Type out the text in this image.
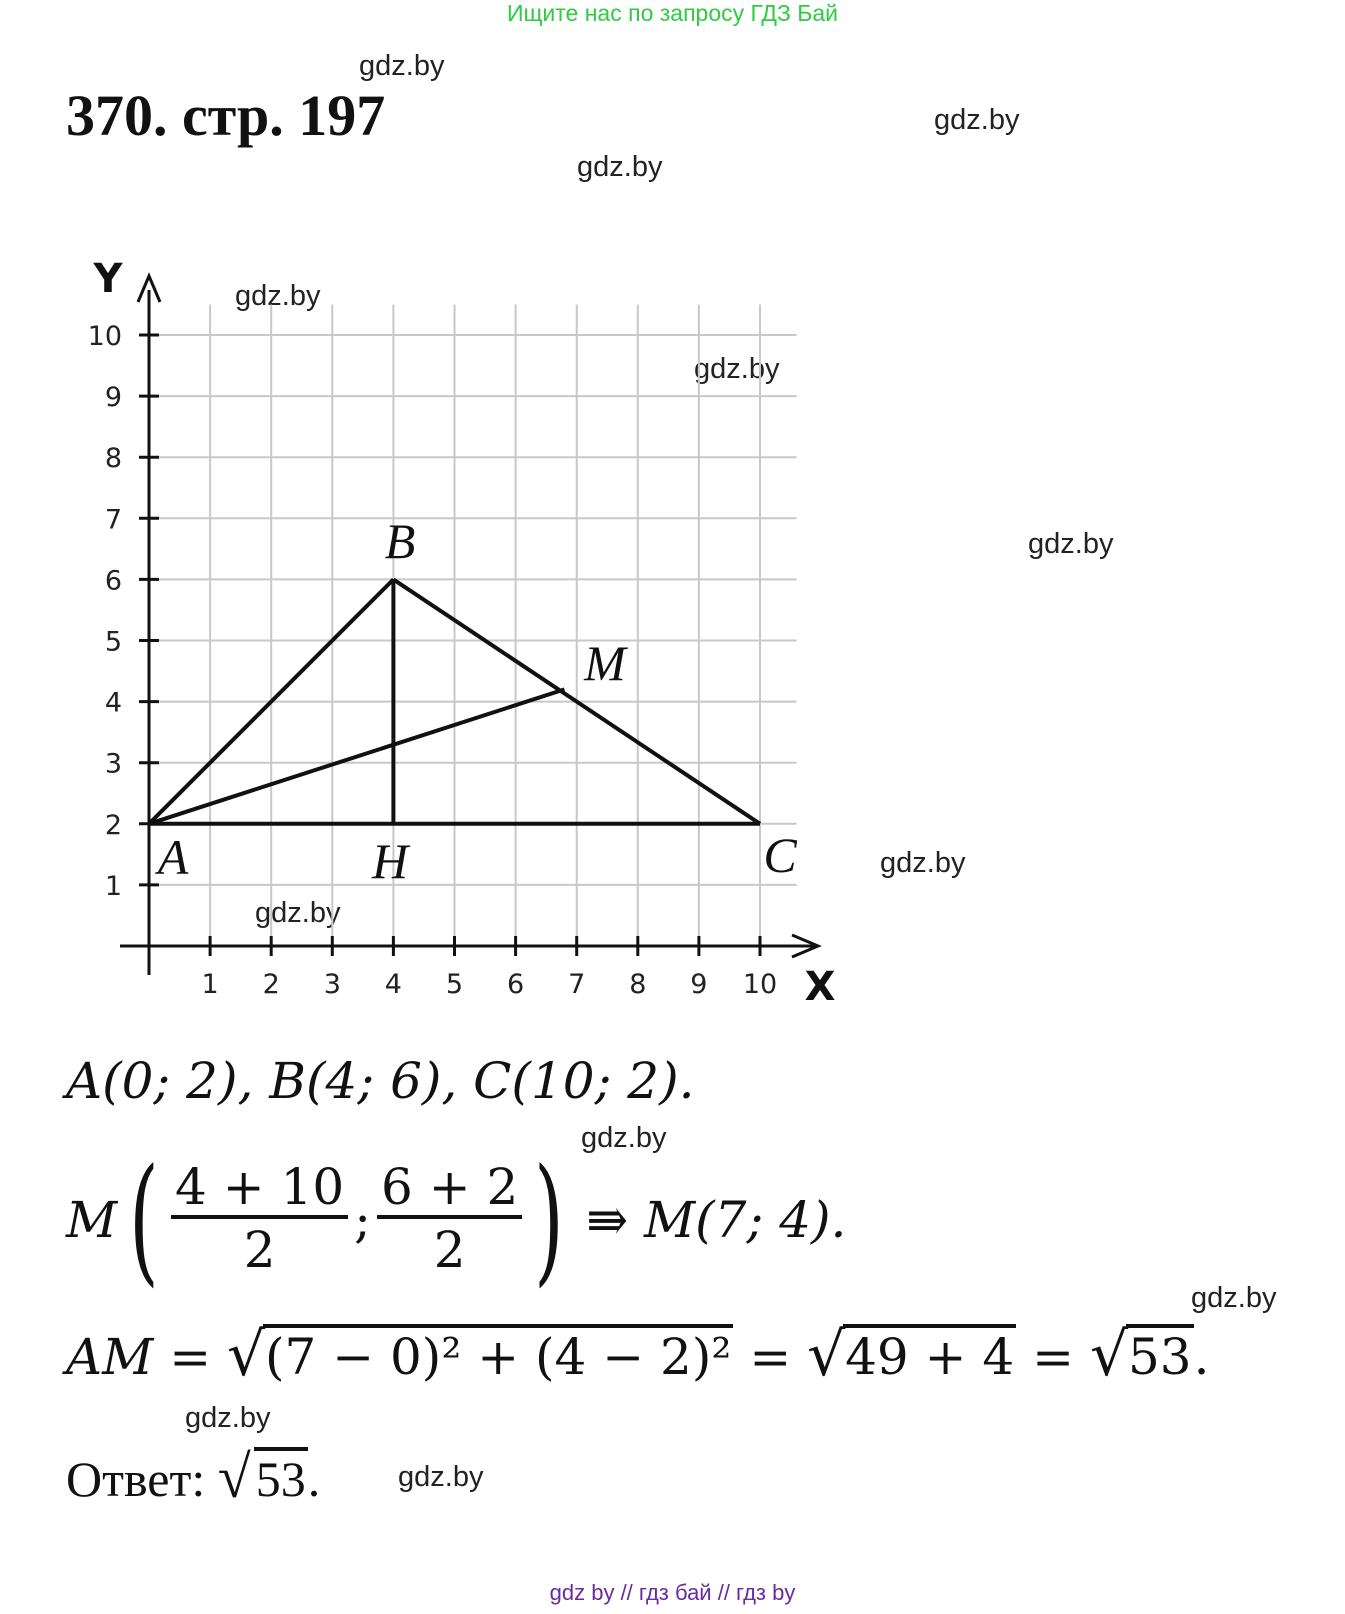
Ищите нас по запросу ГДЗ Бай
370. стр. 197
gdz.by
gdz.by
gdz.by
gdz.by
gdz.by
gdz.by
gdz.by
gdz.by
gdz.by
gdz.by
gdz.by
gdz.by
1
1
2
2
3
3
4
4
5
5
6
6
7
7
8
8
9
9
10
10
Y
X
B
M
A	H	C
A(0; 2), B(4; 6), C(10; 2).
M ( $\frac{4 + 10}{2}$ ; $\frac{6 + 2}{2}$ ) ⇛ M(7; 4).
AM = √ (7 − 0)² + (4 − 2)² = √ 49 + 4 = √ 53.
Ответ: √ 53.
gdz by // гдз бай // гдз by
